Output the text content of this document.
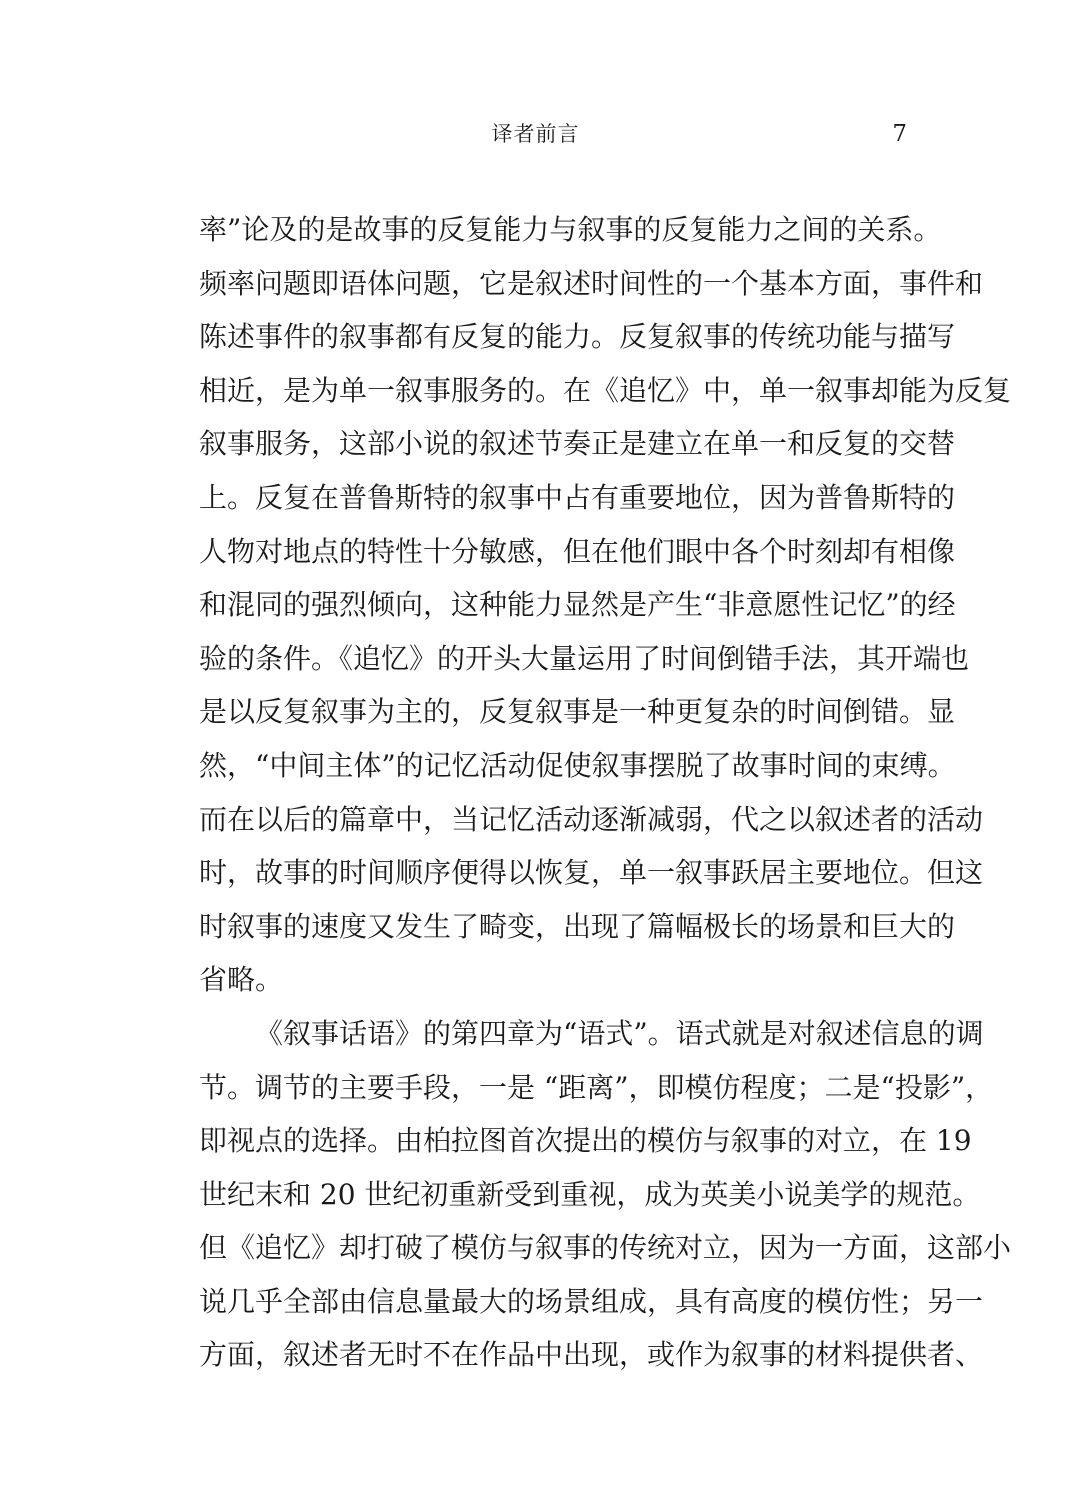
译者前言	7
率”论及的是故事的反复能力与叙事的反复能力之间的关系。
频率问题即语体问题，它是叙述时间性的一个基本方面，事件和
陈述事件的叙事都有反复的能力。反复叙事的传统功能与描写
相近，是为单一叙事服务的。在《追忆》中，单一叙事却能为反复
叙事服务，这部小说的叙述节奏正是建立在单一和反复的交替
上。反复在普鲁斯特的叙事中占有重要地位，因为普鲁斯特的
人物对地点的特性十分敏感，但在他们眼中各个时刻却有相像
和混同的强烈倾向，这种能力显然是产生“非意愿性记忆”的经
验的条件。《追忆》的开头大量运用了时间倒错手法，其开端也
是以反复叙事为主的，反复叙事是一种更复杂的时间倒错。显
然，“中间主体”的记忆活动促使叙事摆脱了故事时间的束缚。
而在以后的篇章中，当记忆活动逐渐减弱，代之以叙述者的活动
时，故事的时间顺序便得以恢复，单一叙事跃居主要地位。但这
时叙事的速度又发生了畸变，出现了篇幅极长的场景和巨大的
省略。
《叙事话语》的第四章为“语式”。语式就是对叙述信息的调
节。调节的主要手段，一是 “距离”，即模仿程度；二是“投影”，
即视点的选择。由柏拉图首次提出的模仿与叙事的对立，在 19
世纪末和 20 世纪初重新受到重视，成为英美小说美学的规范。
但《追忆》却打破了模仿与叙事的传统对立，因为一方面，这部小
说几乎全部由信息量最大的场景组成，具有高度的模仿性；另一
方面，叙述者无时不在作品中出现，或作为叙事的材料提供者、
